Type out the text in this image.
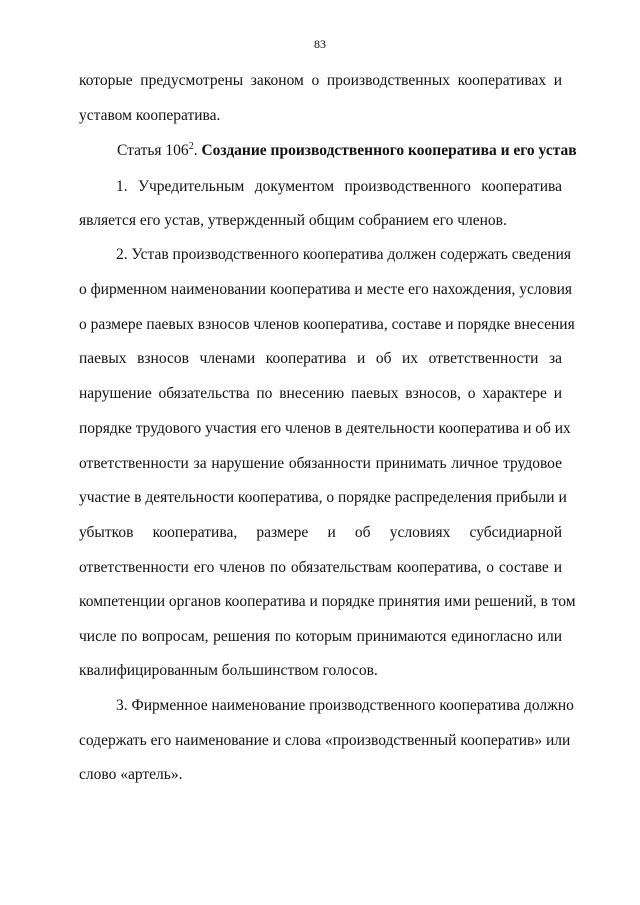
83
которые предусмотрены законом о производственных кооперативах и
уставом кооператива.
Статья $106^2$. Создание производственного кооператива и его устав
1. Учредительным документом производственного кооператива
является его устав, утвержденный общим собранием его членов.
2. Устав производственного кооператива должен содержать сведения
о фирменном наименовании кооператива и месте его нахождения, условия
о размере паевых взносов членов кооператива, составе и порядке внесения
паевых взносов членами кооператива и об их ответственности за
нарушение обязательства по внесению паевых взносов, о характере и
порядке трудового участия его членов в деятельности кооператива и об их
ответственности за нарушение обязанности принимать личное трудовое
участие в деятельности кооператива, о порядке распределения прибыли и
убытков кооператива, размере и об условиях субсидиарной
ответственности его членов по обязательствам кооператива, о составе и
компетенции органов кооператива и порядке принятия ими решений, в том
числе по вопросам, решения по которым принимаются единогласно или
квалифицированным большинством голосов.
3. Фирменное наименование производственного кооператива должно
содержать его наименование и слова «производственный кооператив» или
слово «артель».
